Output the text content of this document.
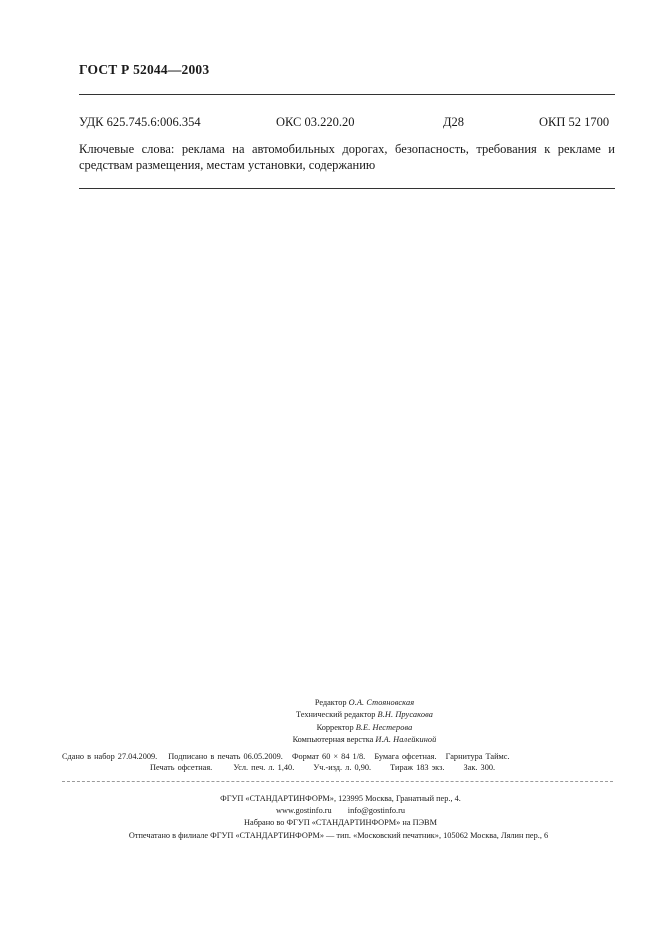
ГОСТ Р 52044—2003
УДК 625.745.6:006.354	ОКС 03.220.20	Д28	ОКП 52 1700
Ключевые слова: реклама на автомобильных дорогах, безопасность, требования к рекламе и средствам размещения, местам установки, содержанию
Редактор О.А. Стояновская
Технический редактор В.Н. Прусакова
Корректор В.Е. Нестерова
Компьютерная верстка И.А. Налейкиной
Сдано в набор 27.04.2009. Подписано в печать 06.05.2009. Формат 60 × 84 1/8. Бумага офсетная. Гарнитура Таймс.
Печать офсетная.	Усл. печ. л. 1,40. Уч.-изд. л. 0,90. Тираж 183 экз. Зак. 300.
ФГУП «СТАНДАРТИНФОРМ», 123995 Москва, Гранатный пер., 4.
www.gostinfo.ru info@gostinfo.ru
Набрано во ФГУП «СТАНДАРТИНФОРМ» на ПЭВМ
Отпечатано в филиале ФГУП «СТАНДАРТИНФОРМ» — тип. «Московский печатник», 105062 Москва, Лялин пер., 6
